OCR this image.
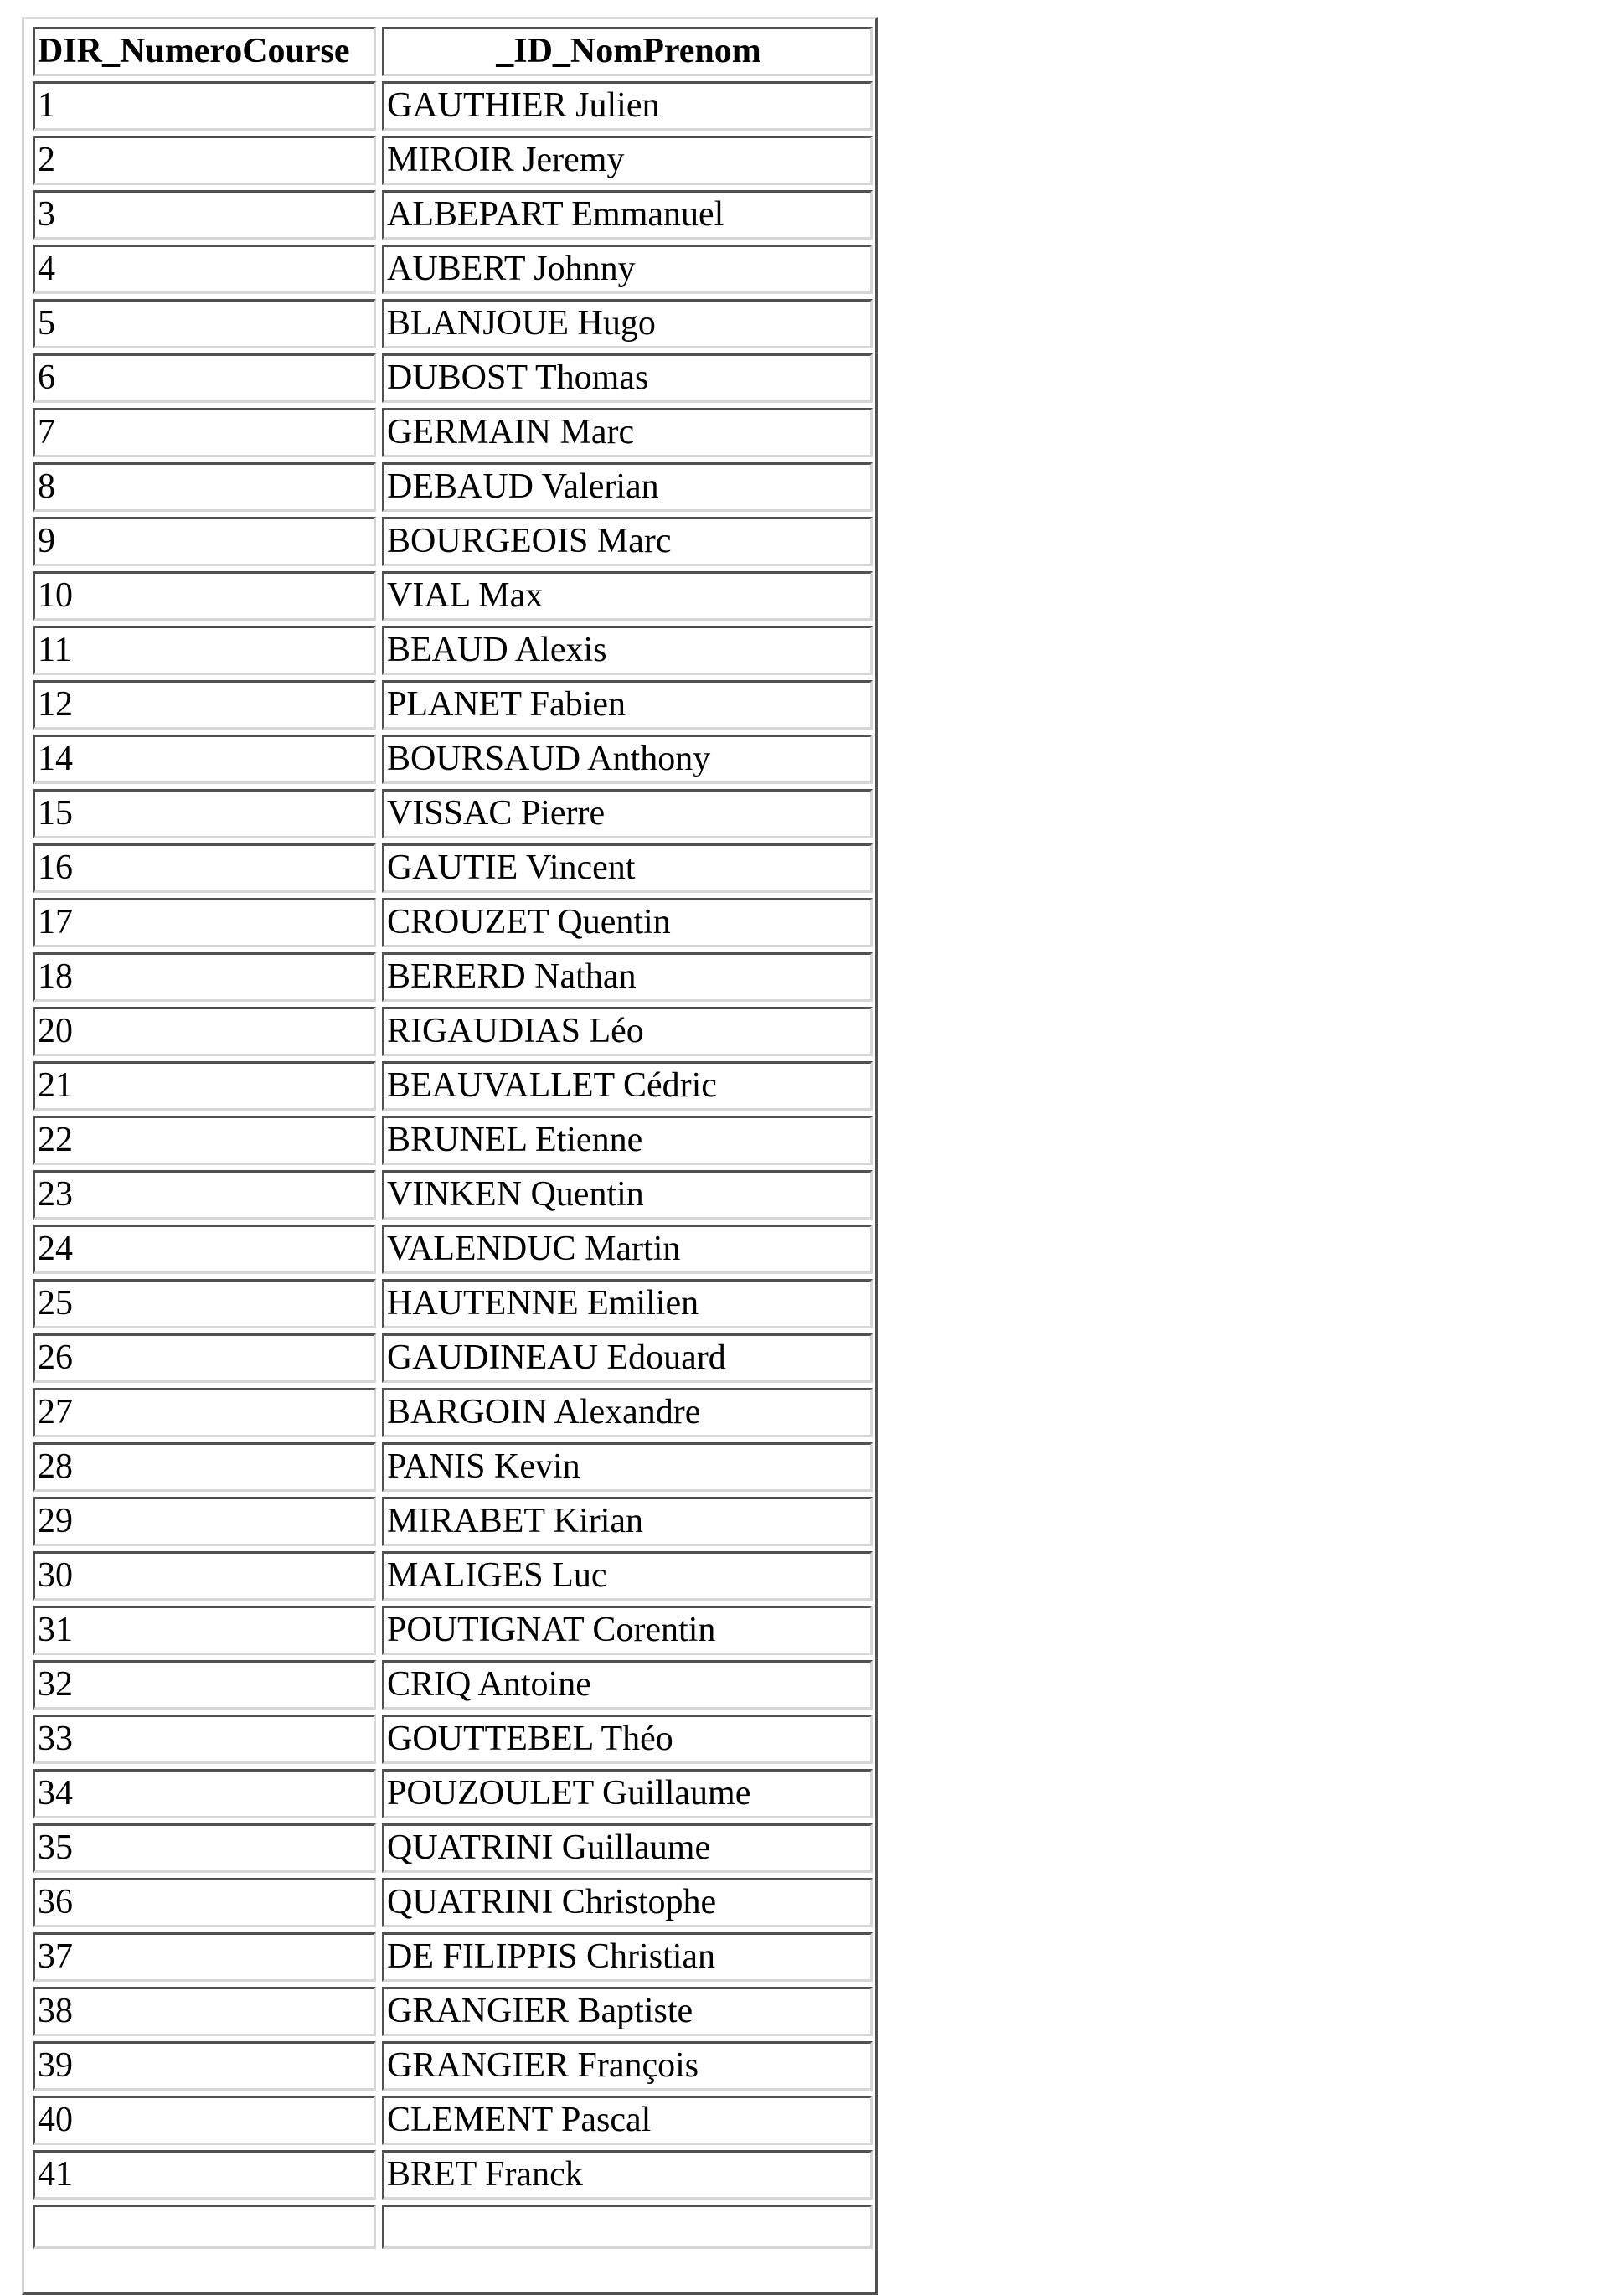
DIR_NumeroCourse	_ID_NomPrenom
1	GAUTHIER Julien
2	MIROIR Jeremy
3	ALBEPART Emmanuel
4	AUBERT Johnny
5	BLANJOUE Hugo
6	DUBOST Thomas
7	GERMAIN Marc
8	DEBAUD Valerian
9	BOURGEOIS Marc
10	VIAL Max
11	BEAUD Alexis
12	PLANET Fabien
14	BOURSAUD Anthony
15	VISSAC Pierre
16	GAUTIE Vincent
17	CROUZET Quentin
18	BERERD Nathan
20	RIGAUDIAS Léo
21	BEAUVALLET Cédric
22	BRUNEL Etienne
23	VINKEN Quentin
24	VALENDUC Martin
25	HAUTENNE Emilien
26	GAUDINEAU Edouard
27	BARGOIN Alexandre
28	PANIS Kevin
29	MIRABET Kirian
30	MALIGES Luc
31	POUTIGNAT Corentin
32	CRIQ Antoine
33	GOUTTEBEL Théo
34	POUZOULET Guillaume
35	QUATRINI Guillaume
36	QUATRINI Christophe
37	DE FILIPPIS Christian
38	GRANGIER Baptiste
39	GRANGIER François
40	CLEMENT Pascal
41	BRET Franck
